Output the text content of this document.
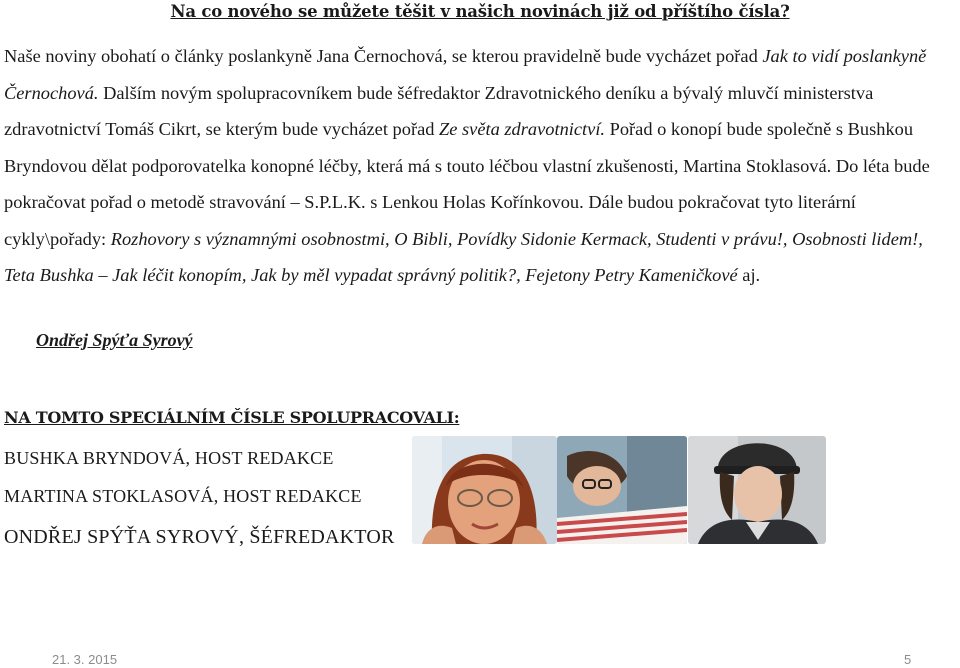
Na co nového se můžete těšit v našich novinách již od příštího čísla?
Naše noviny obohatí o články poslankyně Jana Černochová, se kterou pravidelně bude vycházet pořad Jak to vidí poslankyně Černochová. Dalším novým spolupracovníkem bude šéfredaktor Zdravotnického deníku a bývalý mluvčí ministerstva zdravotnictví Tomáš Cikrt, se kterým bude vycházet pořad Ze světa zdravotnictví. Pořad o konopí bude společně s Bushkou Bryndovou dělat podporovatelka konopné léčby, která má s touto léčbou vlastní zkušenosti, Martina Stoklasová. Do léta bude pokračovat pořad o metodě stravování – S.P.L.K. s Lenkou Holas Kořínkovou. Dále budou pokračovat tyto literární cykly\pořady: Rozhovory s významnými osobnostmi, O Bibli, Povídky Sidonie Kermack, Studenti v právu!, Osobnosti lidem!, Teta Bushka – Jak léčit konopím, Jak by měl vypadat správný politik?, Fejetony Petry Kameničkové aj.
Ondřej Spýťa Syrový
NA TOMTO SPECIÁLNÍM ČÍSLE SPOLUPRACOVALI:
BUSHKA BRYNDOVÁ, HOST REDAKCE
MARTINA STOKLASOVÁ, HOST REDAKCE
ONDŘEJ SPÝŤA SYROVÝ, ŠÉFREDAKTOR
21. 3. 2015	5
